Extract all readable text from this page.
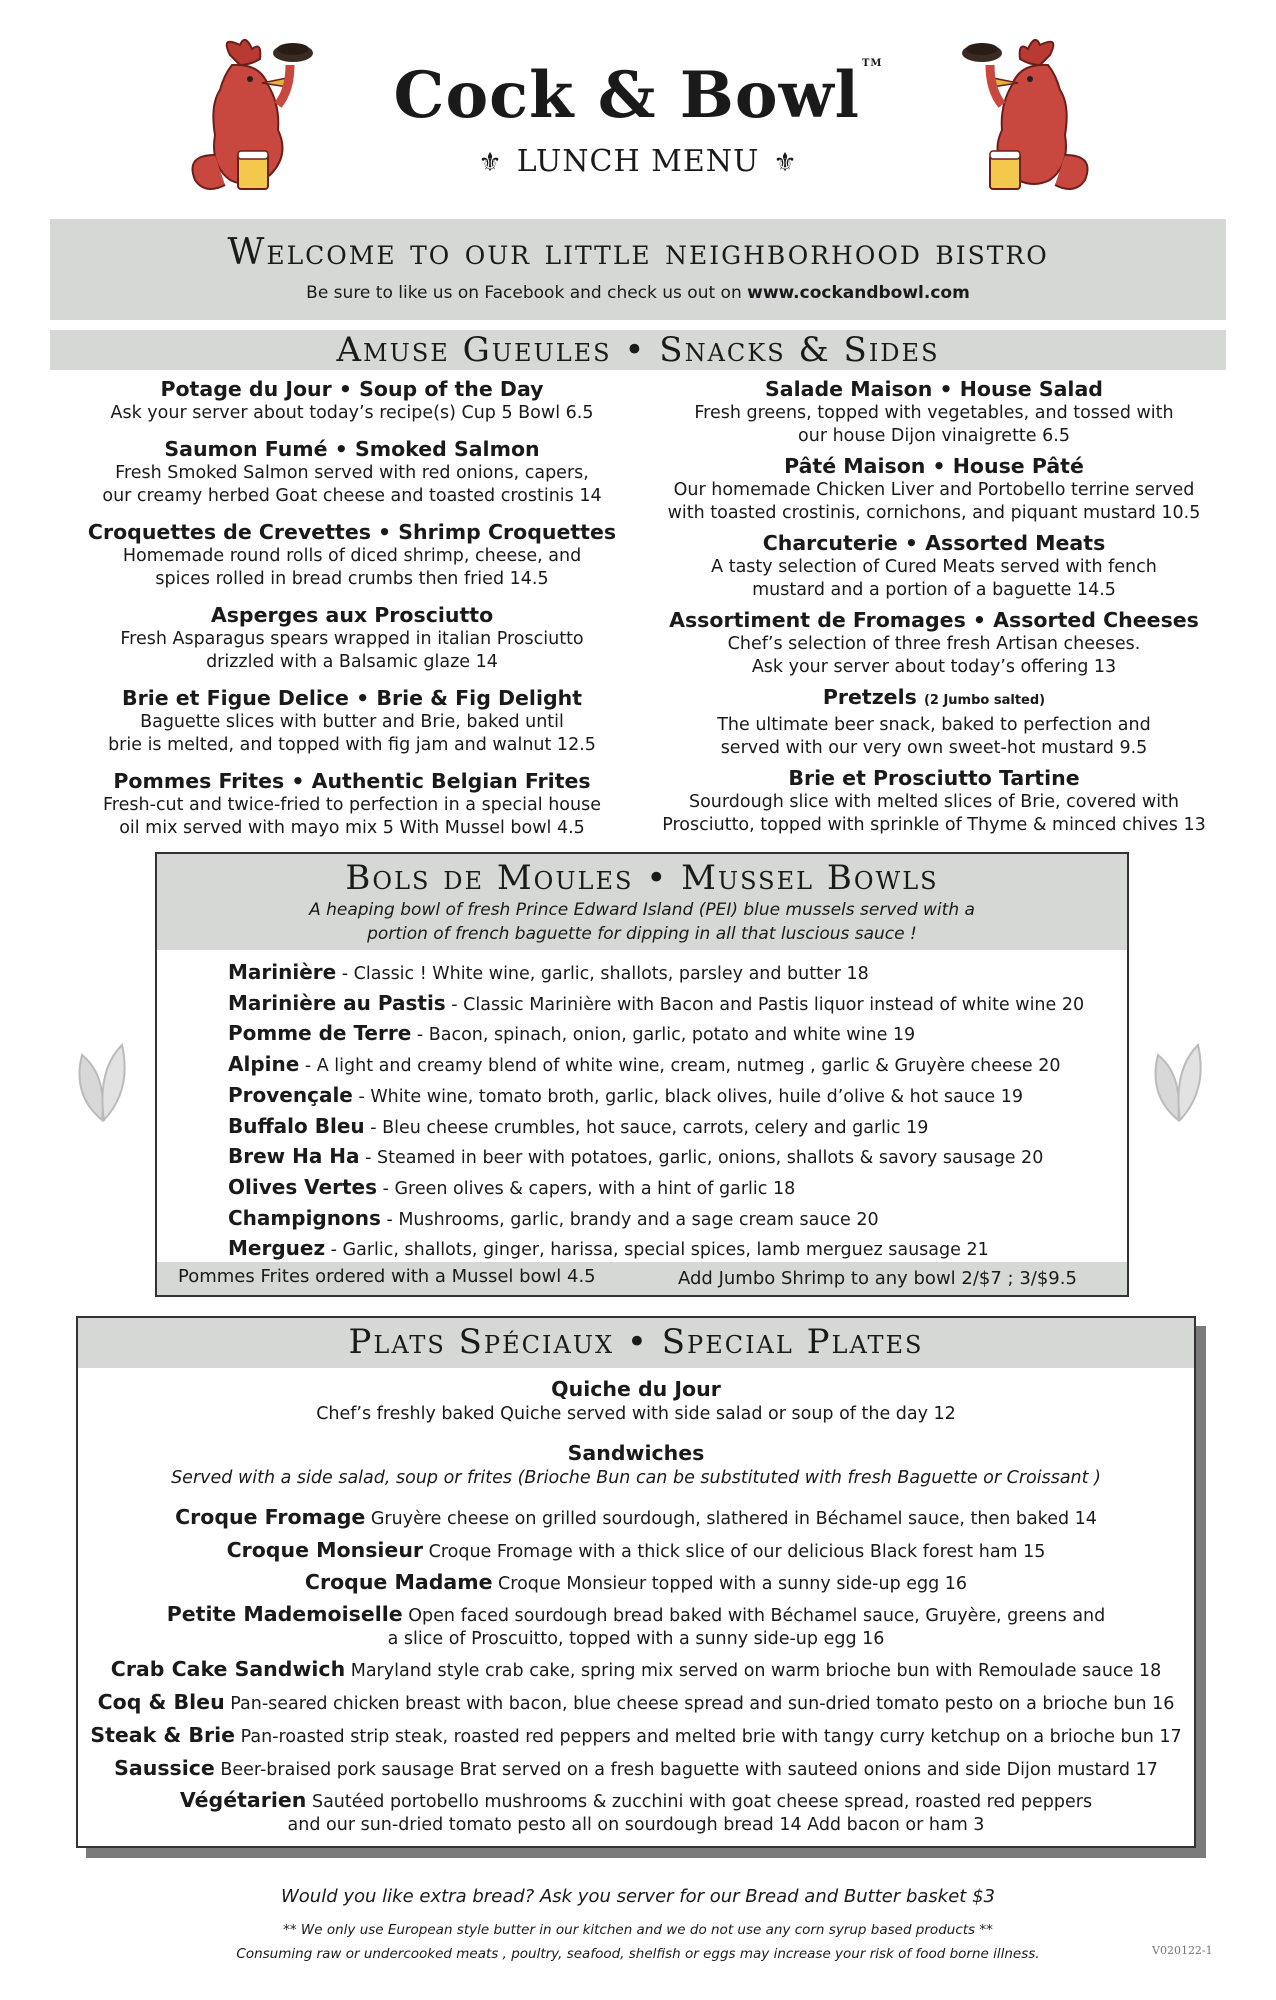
Cock & Bowl ™
⚜ LUNCH MENU ⚜
Welcome to our little neighborhood bistro
Be sure to like us on Facebook and check us out on www.cockandbowl.com
Amuse Gueules • Snacks & Sides
Potage du Jour • Soup of the Day
Ask your server about today’s recipe(s) Cup 5 Bowl 6.5
Saumon Fumé • Smoked Salmon
Fresh Smoked Salmon served with red onions, capers,
our creamy herbed Goat cheese and toasted crostinis 14
Croquettes de Crevettes • Shrimp Croquettes
Homemade round rolls of diced shrimp, cheese, and
spices rolled in bread crumbs then fried 14.5
Asperges aux Prosciutto
Fresh Asparagus spears wrapped in italian Prosciutto
drizzled with a Balsamic glaze 14
Brie et Figue Delice • Brie & Fig Delight
Baguette slices with butter and Brie, baked until
brie is melted, and topped with fig jam and walnut 12.5
Pommes Frites • Authentic Belgian Frites
Fresh-cut and twice-fried to perfection in a special house
oil mix served with mayo mix 5 With Mussel bowl 4.5
Salade Maison • House Salad
Fresh greens, topped with vegetables, and tossed with
our house Dijon vinaigrette 6.5
Pâté Maison • House Pâté
Our homemade Chicken Liver and Portobello terrine served
with toasted crostinis, cornichons, and piquant mustard 10.5
Charcuterie • Assorted Meats
A tasty selection of Cured Meats served with fench
mustard and a portion of a baguette 14.5
Assortiment de Fromages • Assorted Cheeses
Chef’s selection of three fresh Artisan cheeses.
Ask your server about today’s offering 13
Pretzels (2 Jumbo salted)
The ultimate beer snack, baked to perfection and
served with our very own sweet-hot mustard 9.5
Brie et Prosciutto Tartine
Sourdough slice with melted slices of Brie, covered with
Prosciutto, topped with sprinkle of Thyme & minced chives 13
Bols de Moules • Mussel Bowls
A heaping bowl of fresh Prince Edward Island (PEI) blue mussels served with a
portion of french baguette for dipping in all that luscious sauce !
Marinière - Classic ! White wine, garlic, shallots, parsley and butter 18
Marinière au Pastis - Classic Marinière with Bacon and Pastis liquor instead of white wine 20
Pomme de Terre - Bacon, spinach, onion, garlic, potato and white wine 19
Alpine - A light and creamy blend of white wine, cream, nutmeg , garlic & Gruyère cheese 20
Provençale - White wine, tomato broth, garlic, black olives, huile d’olive & hot sauce 19
Buffalo Bleu - Bleu cheese crumbles, hot sauce, carrots, celery and garlic 19
Brew Ha Ha - Steamed in beer with potatoes, garlic, onions, shallots & savory sausage 20
Olives Vertes - Green olives & capers, with a hint of garlic 18
Champignons - Mushrooms, garlic, brandy and a sage cream sauce 20
Merguez - Garlic, shallots, ginger, harissa, special spices, lamb merguez sausage 21
Pommes Frites ordered with a Mussel bowl 4.5	Add Jumbo Shrimp to any bowl 2/$7 ; 3/$9.5
Plats Spéciaux • Special Plates
Quiche du Jour
Chef’s freshly baked Quiche served with side salad or soup of the day 12
Sandwiches
Served with a side salad, soup or frites (Brioche Bun can be substituted with fresh Baguette or Croissant )
Croque Fromage Gruyère cheese on grilled sourdough, slathered in Béchamel sauce, then baked 14
Croque Monsieur Croque Fromage with a thick slice of our delicious Black forest ham 15
Croque Madame Croque Monsieur topped with a sunny side-up egg 16
Petite Mademoiselle Open faced sourdough bread baked with Béchamel sauce, Gruyère, greens and
a slice of Proscuitto, topped with a sunny side-up egg 16
Crab Cake Sandwich Maryland style crab cake, spring mix served on warm brioche bun with Remoulade sauce 18
Coq & Bleu Pan-seared chicken breast with bacon, blue cheese spread and sun-dried tomato pesto on a brioche bun 16
Steak & Brie Pan-roasted strip steak, roasted red peppers and melted brie with tangy curry ketchup on a brioche bun 17
Saussice Beer-braised pork sausage Brat served on a fresh baguette with sauteed onions and side Dijon mustard 17
Végétarien Sautéed portobello mushrooms & zucchini with goat cheese spread, roasted red peppers
and our sun-dried tomato pesto all on sourdough bread 14 Add bacon or ham 3
Would you like extra bread? Ask you server for our Bread and Butter basket $3
** We only use European style butter in our kitchen and we do not use any corn syrup based products **
Consuming raw or undercooked meats , poultry, seafood, shelfish or eggs may increase your risk of food borne illness.	V020122-1
